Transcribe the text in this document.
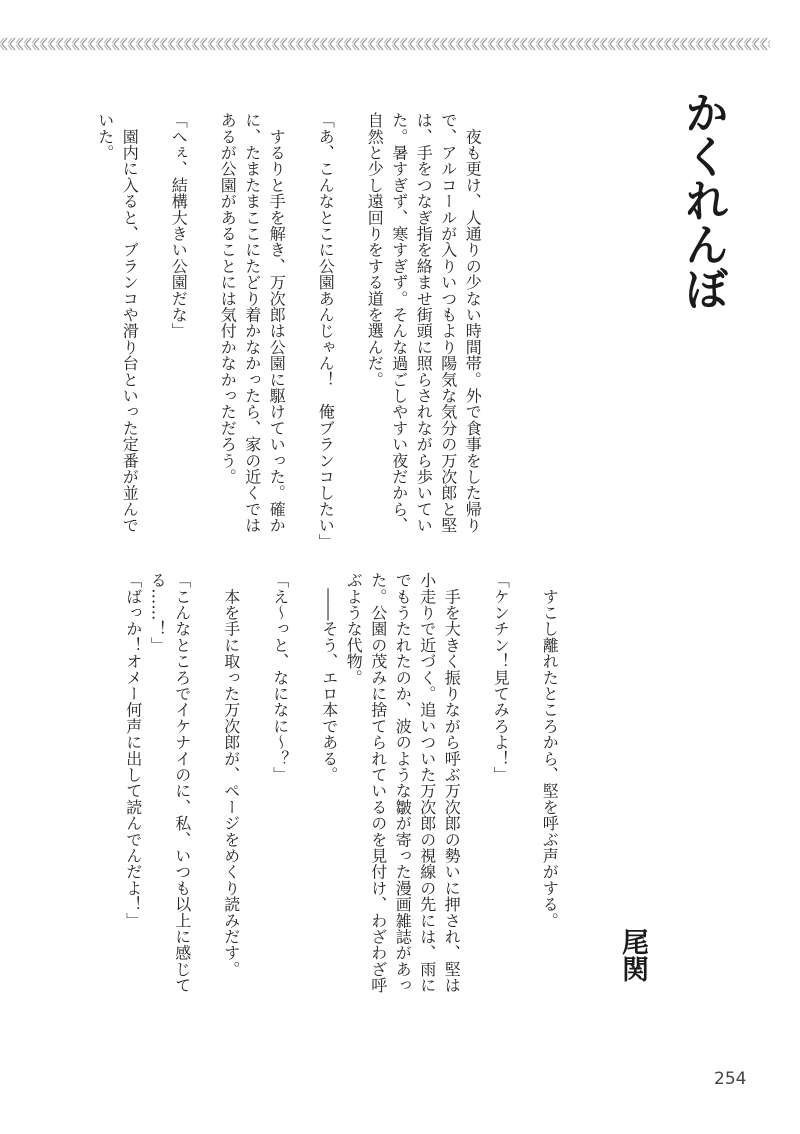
かくれんぼ
　夜も更け、人通りの少ない時間帯。外で食事をした帰り
で、アルコールが入りいつもより陽気な気分の万次郎と堅
は、手をつなぎ指を絡ませ街頭に照らされながら歩いてい
た。暑すぎず、寒すぎず。そんな過ごしやすい夜だから、
自然と少し遠回りをする道を選んだ。
「あ、こんなとこに公園あんじゃん！　俺ブランコしたい」
　するりと手を解き、万次郎は公園に駆けていった。確か
に、たまたまここにたどり着かなかったら、家の近くでは
あるが公園があることには気付かなかっただろう。
「へぇ、結構大きい公園だな」
　園内に入ると、ブランコや滑り台といった定番が並んで
いた。
　すこし離れたところから、堅を呼ぶ声がする。
「ケンチン！見てみろよ！」
　手を大きく振りながら呼ぶ万次郎の勢いに押され、堅は
小走りで近づく。追いついた万次郎の視線の先には、雨に
でもうたれたのか、波のような皺が寄った漫画雑誌があっ
た。公園の茂みに捨てられているのを見付け、わざわざ呼
ぶような代物。
　――そう、エロ本である。
「え〜っと、なになに〜？」
　本を手に取った万次郎が、ページをめくり読みだす。
「こんなところでイケナイのに、私、いつも以上に感じて
る……！」
「ばっか！オメー何声に出して読んでんだよ！」
尾関
254
